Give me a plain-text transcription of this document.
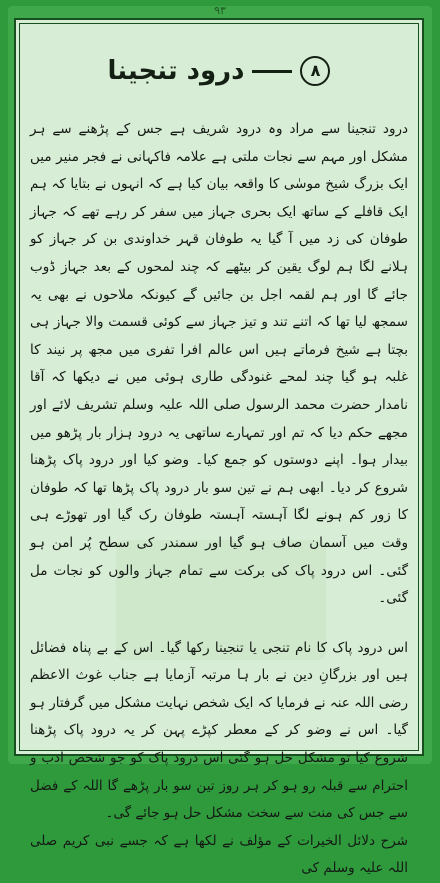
۹۳
۸درود تنجینا

درود تنجینا سے مراد وہ درود شریف ہے جس کے پڑھنے سے ہر مشکل اور مہم سے نجات ملتی ہے علامہ فاکہانی نے فجر منیر میں ایک بزرگ شیخ موسٰی کا واقعہ بیان کیا ہے کہ انہوں نے بتایا کہ ہم ایک قافلے کے ساتھ ایک بحری جہاز میں سفر کر رہے تھے کہ جہاز طوفان کی زد میں آ گیا یہ طوفان قہر خداوندی بن کر جہاز کو ہلانے لگا ہم لوگ یقین کر بیٹھے کہ چند لمحوں کے بعد جہاز ڈوب جائے گا اور ہم لقمہ اجل بن جائیں گے کیونکہ ملاحوں نے بھی یہ سمجھ لیا تھا کہ اتنے تند و تیز جہاز سے کوئی قسمت والا جہاز ہی بچتا ہے شیخ فرماتے ہیں اس عالم افرا تفری میں مجھ پر نیند کا غلبہ ہو گیا چند لمحے غنودگی طاری ہوئی میں نے دیکھا کہ آقا نامدار حضرت محمد الرسول صلی اللہ علیہ وسلم تشریف لائے اور مجھے حکم دیا کہ تم اور تمہارے ساتھی یہ درود ہزار بار پڑھو میں بیدار ہوا۔ اپنے دوستوں کو جمع کیا۔ وضو کیا اور درود پاک پڑھنا شروع کر دیا۔ ابھی ہم نے تین سو بار درود پاک پڑھا تھا کہ طوفان کا زور کم ہونے لگا آہستہ آہستہ طوفان رک گیا اور تھوڑے ہی وقت میں آسمان صاف ہو گیا اور سمندر کی سطح پُر امن ہو گئی۔ اس درود پاک کی برکت سے تمام جہاز والوں کو نجات مل گئی۔

اس درود پاک کا نام تنجی یا تنجینا رکھا گیا۔ اس کے بے پناہ فضائل ہیں اور بزرگانِ دین نے بار ہا مرتبہ آزمایا ہے جناب غوث الاعظم رضی اللہ عنہ نے فرمایا کہ ایک شخص نہایت مشکل میں گرفتار ہو گیا۔ اس نے وضو کر کے معطر کپڑے پہن کر یہ درود پاک پڑھنا شروع کیا تو مشکل حل ہو گئی اس درود پاک کو جو شخص ادب و احترام سے قبلہ رو ہو کر ہر روز تین سو بار پڑھے گا اللہ کے فضل سے جس کی منت سے سخت مشکل حل ہو جائے گی۔

شرح دلائل الخیرات کے مؤلف نے لکھا ہے کہ جسے نبی کریم صلی اللہ علیہ وسلم کی
